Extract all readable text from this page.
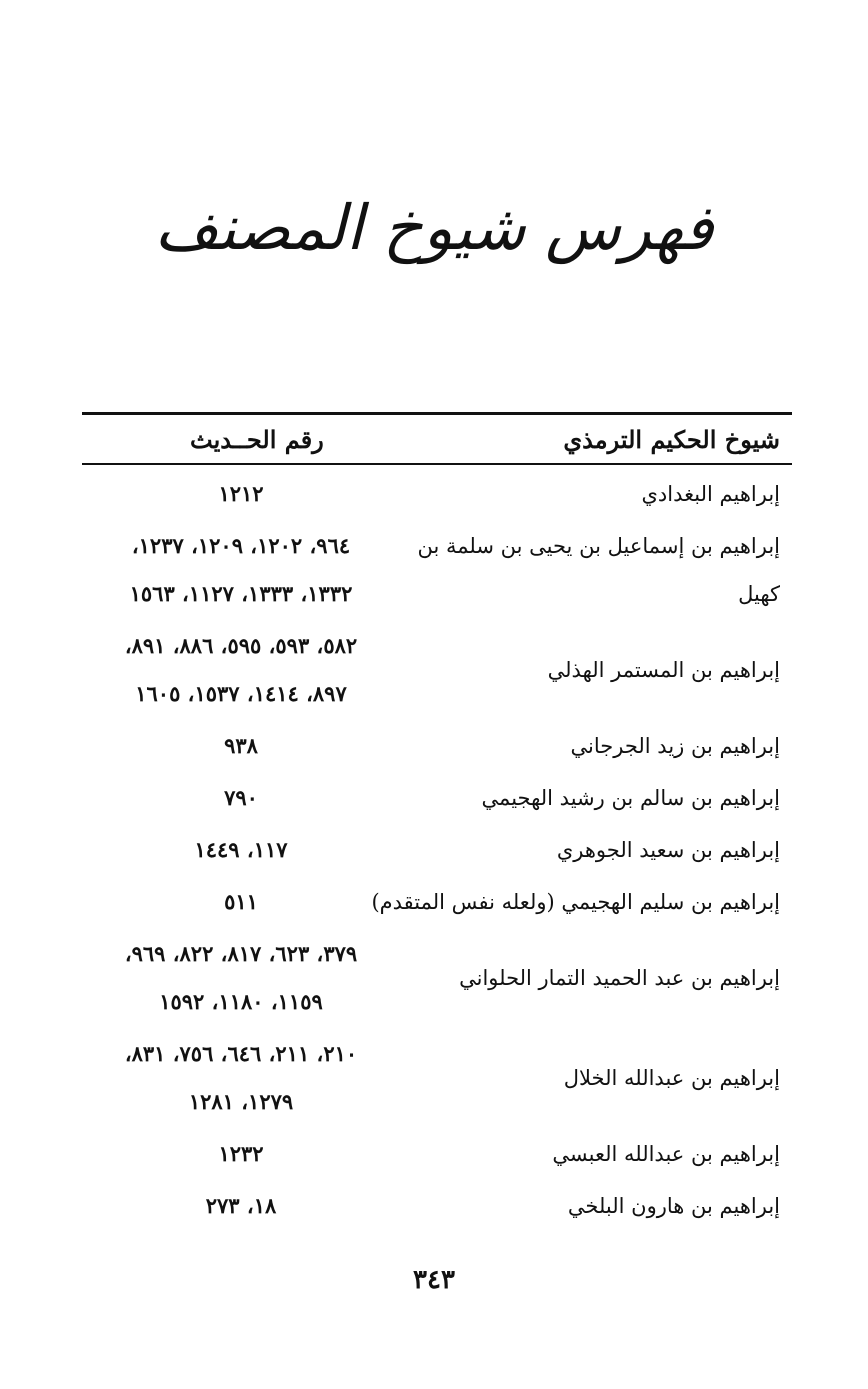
فهرس شيوخ المصنف
شيوخ الحكيم الترمذي
رقم الحــديث
إبراهيم البغدادي
١٢١٢
إبراهيم بن إسماعيل بن يحيى بن سلمة بن
كهيل
٩٦٤، ١٢٠٢، ١٢٠٩، ١٢٣٧،
١٣٣٢، ١٣٣٣، ١١٢٧، ١٥٦٣
إبراهيم بن المستمر الهذلي
٥٨٢، ٥٩٣، ٥٩٥، ٨٨٦، ٨٩١،
٨٩٧، ١٤١٤، ١٥٣٧، ١٦٠٥
إبراهيم بن زيد الجرجاني
٩٣٨
إبراهيم بن سالم بن رشيد الهجيمي
٧٩٠
إبراهيم بن سعيد الجوهري
١١٧، ١٤٤٩
إبراهيم بن سليم الهجيمي (ولعله نفس المتقدم)
٥١١
إبراهيم بن عبد الحميد التمار الحلواني
٣٧٩، ٦٢٣، ٨١٧، ٨٢٢، ٩٦٩،
١١٥٩، ١١٨٠، ١٥٩٢
إبراهيم بن عبدالله الخلال
٢١٠، ٢١١، ٦٤٦، ٧٥٦، ٨٣١،
١٢٧٩، ١٢٨١
إبراهيم بن عبدالله العبسي
١٢٣٢
إبراهيم بن هارون البلخي
١٨، ٢٧٣
٣٤٣
